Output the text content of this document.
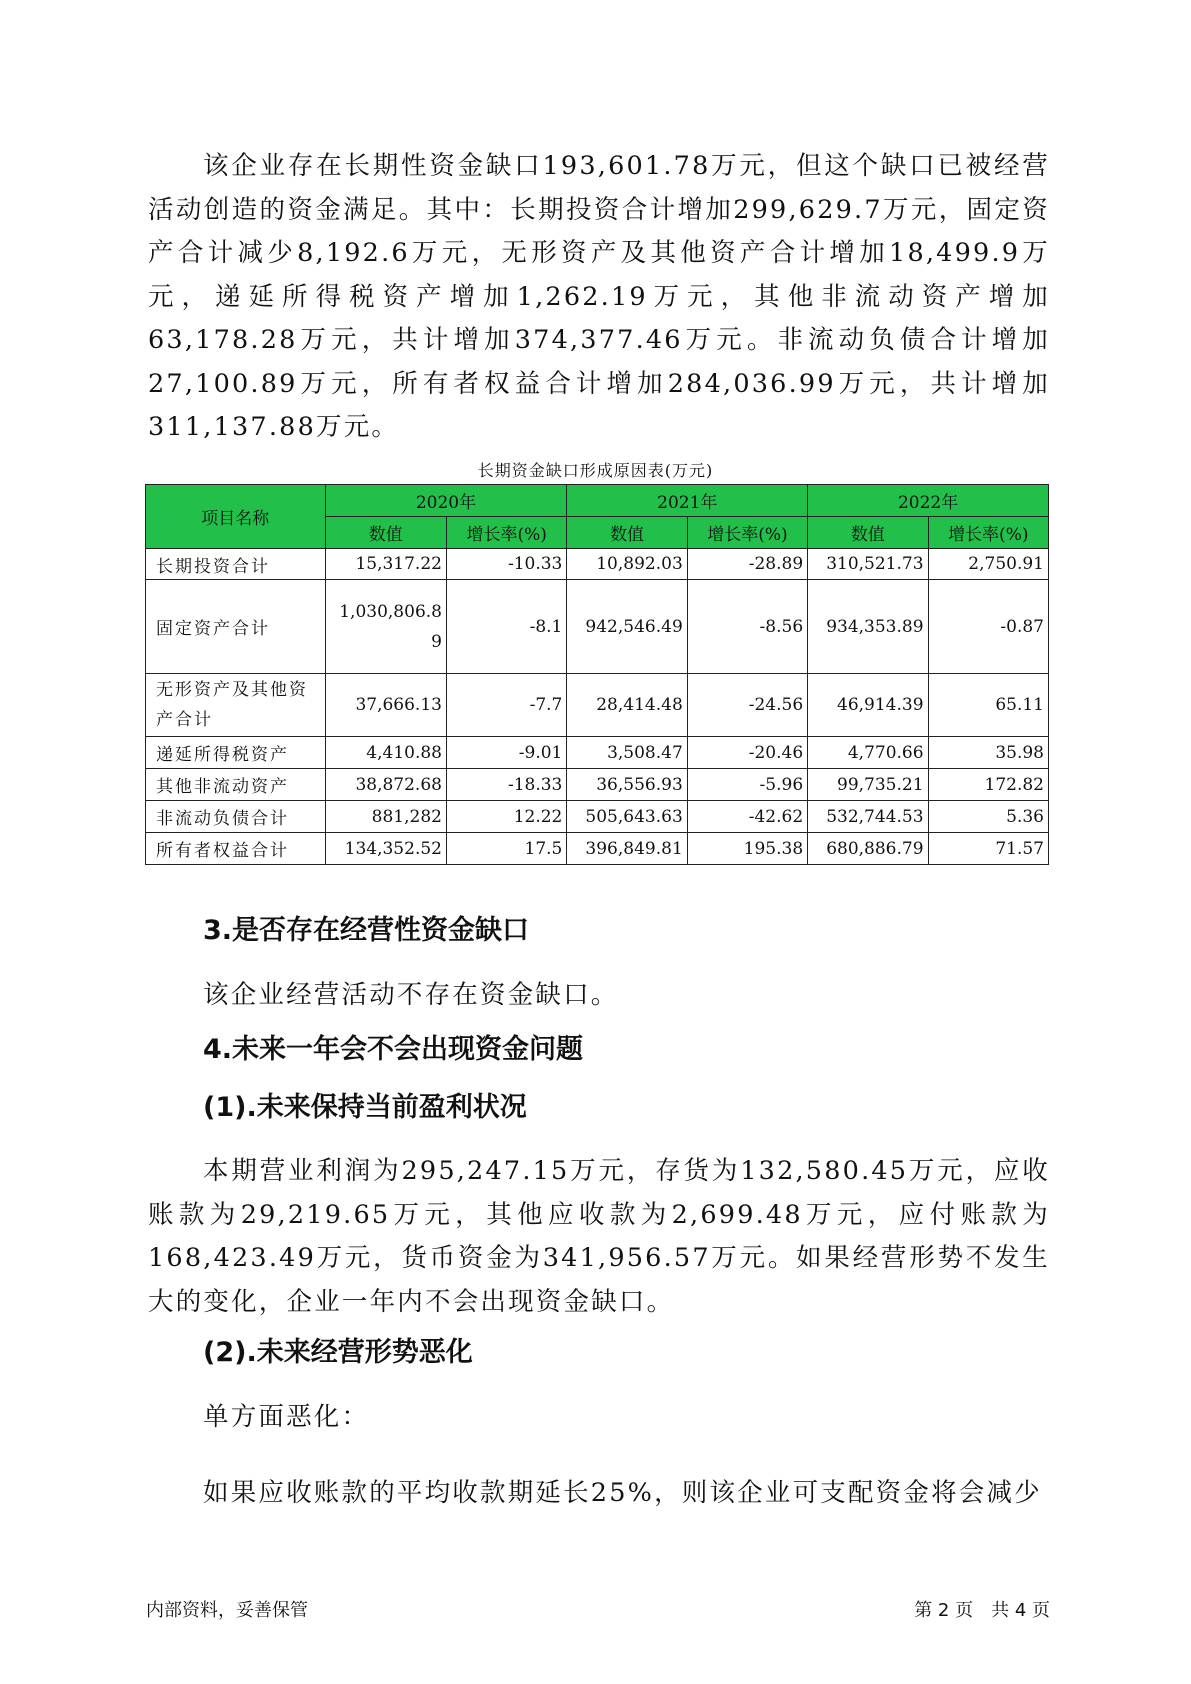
该企业存在长期性资金缺口193,601.78万元，但这个缺口已被经营活动创造的资金满足。其中：长期投资合计增加299,629.7万元，固定资产合计减少8,192.6万元，无形资产及其他资产合计增加18,499.9万元，递延所得税资产增加1,262.19万元，其他非流动资产增加63,178.28万元，共计增加374,377.46万元。非流动负债合计增加27,100.89万元，所有者权益合计增加284,036.99万元，共计增加311,137.88万元。

长期资金缺口形成原因表(万元)
项目名称	2020年		2021年		2022年	
	数值	增长率(%)	数值	增长率(%)	数值	增长率(%)
长期投资合计	15,317.22	-10.33	10,892.03	-28.89	310,521.73	2,750.91
固定资产合计	1,030,806.89	-8.1	942,546.49	-8.56	934,353.89	-0.87
无形资产及其他资产合计	37,666.13	-7.7	28,414.48	-24.56	46,914.39	65.11
递延所得税资产	4,410.88	-9.01	3,508.47	-20.46	4,770.66	35.98
其他非流动资产	38,872.68	-18.33	36,556.93	-5.96	99,735.21	172.82
非流动负债合计	881,282	12.22	505,643.63	-42.62	532,744.53	5.36
所有者权益合计	134,352.52	17.5	396,849.81	195.38	680,886.79	71.57
3.是否存在经营性资金缺口

该企业经营活动不存在资金缺口。

4.未来一年会不会出现资金问题
(1).未来保持当前盈利状况

本期营业利润为295,247.15万元，存货为132,580.45万元，应收账款为29,219.65万元，其他应收款为2,699.48万元，应付账款为168,423.49万元，货币资金为341,956.57万元。如果经营形势不发生大的变化，企业一年内不会出现资金缺口。

(2).未来经营形势恶化

单方面恶化：

如果应收账款的平均收款期延长25%，则该企业可支配资金将会减少

内部资料，妥善保管	第 2 页　共 4 页
